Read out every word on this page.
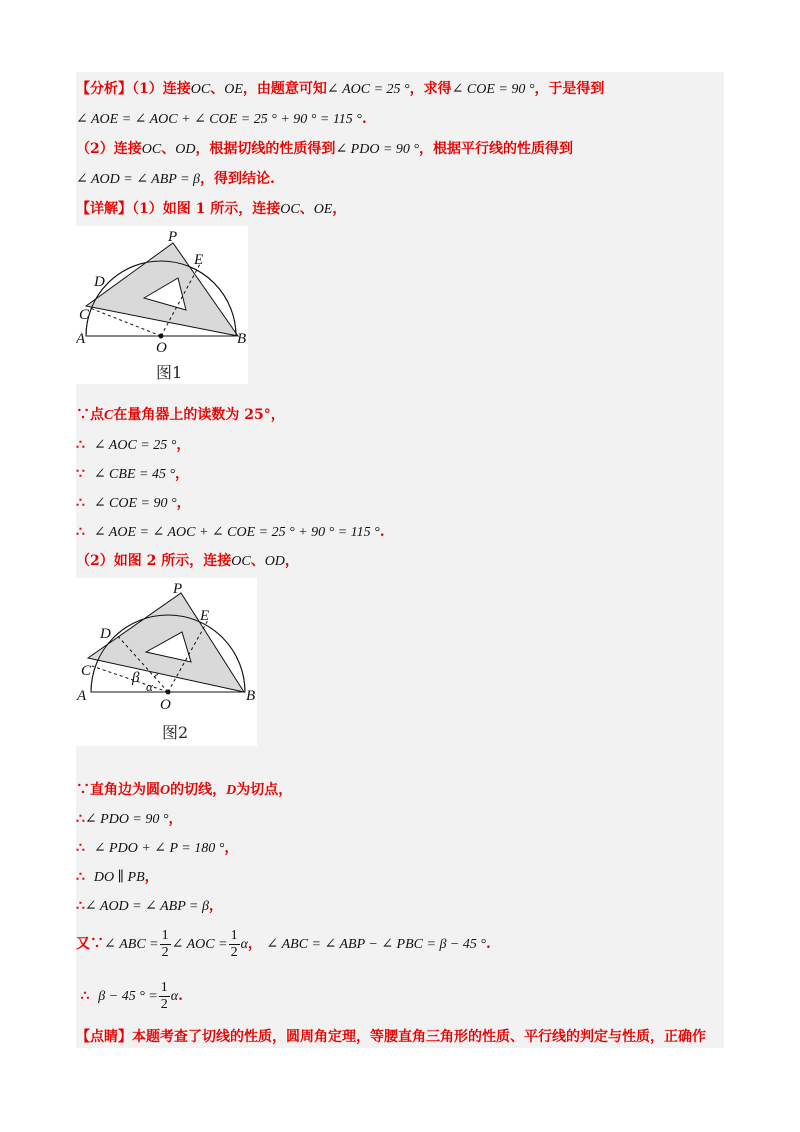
【分析】（1）连接OC、OE，由题意可知∠ AOC = 25 °，求得∠ COE = 90 °，于是得到
∠ AOE = ∠ AOC + ∠ COE = 25 ° + 90 ° = 115 °.
（2）连接OC、OD，根据切线的性质得到∠ PDO = 90 °，根据平行线的性质得到
∠ AOD = ∠ ABP = β，得到结论.
【详解】（1）如图 1 所示，连接OC、OE，
P
E
D
C
A
O
B
图1
∵点C在量角器上的读数为 25°，
∴ ∠ AOC = 25 °，
∵ ∠ CBE = 45 °，
∴ ∠ COE = 90 °，
∴ ∠ AOE = ∠ AOC + ∠ COE = 25 ° + 90 ° = 115 °.
（2）如图 2 所示，连接OC、OD，
P
E
D
C
A
O
B
β
α
图2
∵直角边为圆O的切线，D为切点，
∴∠ PDO = 90 °，
∴ ∠ PDO + ∠ P = 180 °，
∴ DO ∥ PB，
∴∠ AOD = ∠ ABP = β，
又∵∠ ABC = $\frac{1}{2}$ ∠ AOC = $\frac{1}{2}$ α， ∠ ABC = ∠ ABP − ∠ PBC = β − 45 °.
∴ β − 45 ° = $\frac{1}{2} \alpha$.
【点睛】本题考查了切线的性质，圆周角定理，等腰直角三角形的性质、平行线的判定与性质，正确作
